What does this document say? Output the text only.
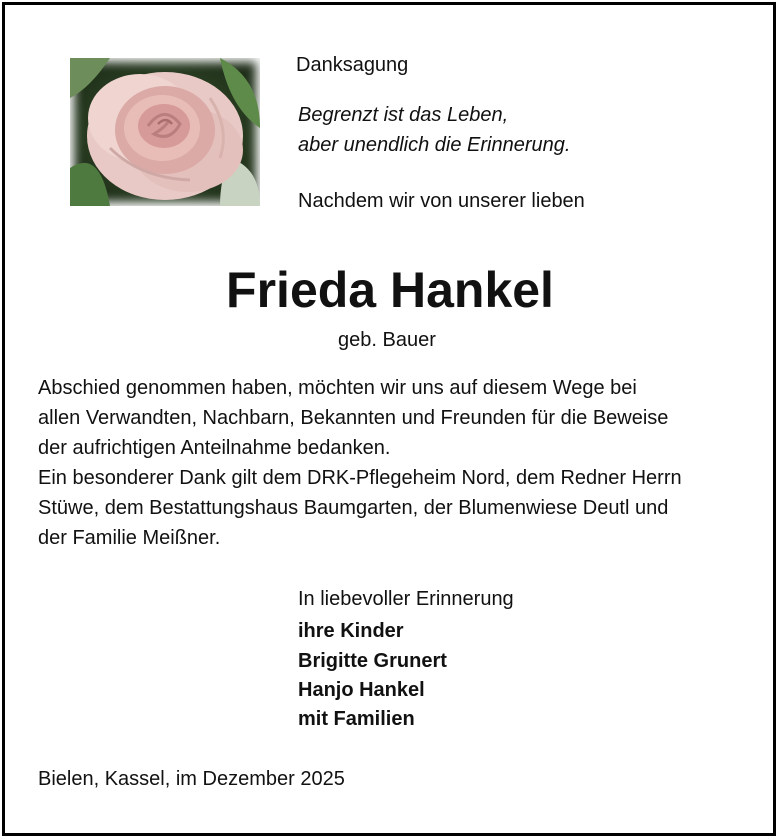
Danksagung
Begrenzt ist das Leben,
aber unendlich die Erinnerung.
Nachdem wir von unserer lieben
Frieda Hankel
geb. Bauer
Abschied genommen haben, möchten wir uns auf diesem Wege bei
allen Verwandten, Nachbarn, Bekannten und Freunden für die Beweise
der aufrichtigen Anteilnahme bedanken.
Ein besonderer Dank gilt dem DRK-Pflegeheim Nord, dem Redner Herrn
Stüwe, dem Bestattungshaus Baumgarten, der Blumenwiese Deutl und
der Familie Meißner.
In liebevoller Erinnerung
ihre Kinder
Brigitte Grunert
Hanjo Hankel
mit Familien
Bielen, Kassel, im Dezember 2025
